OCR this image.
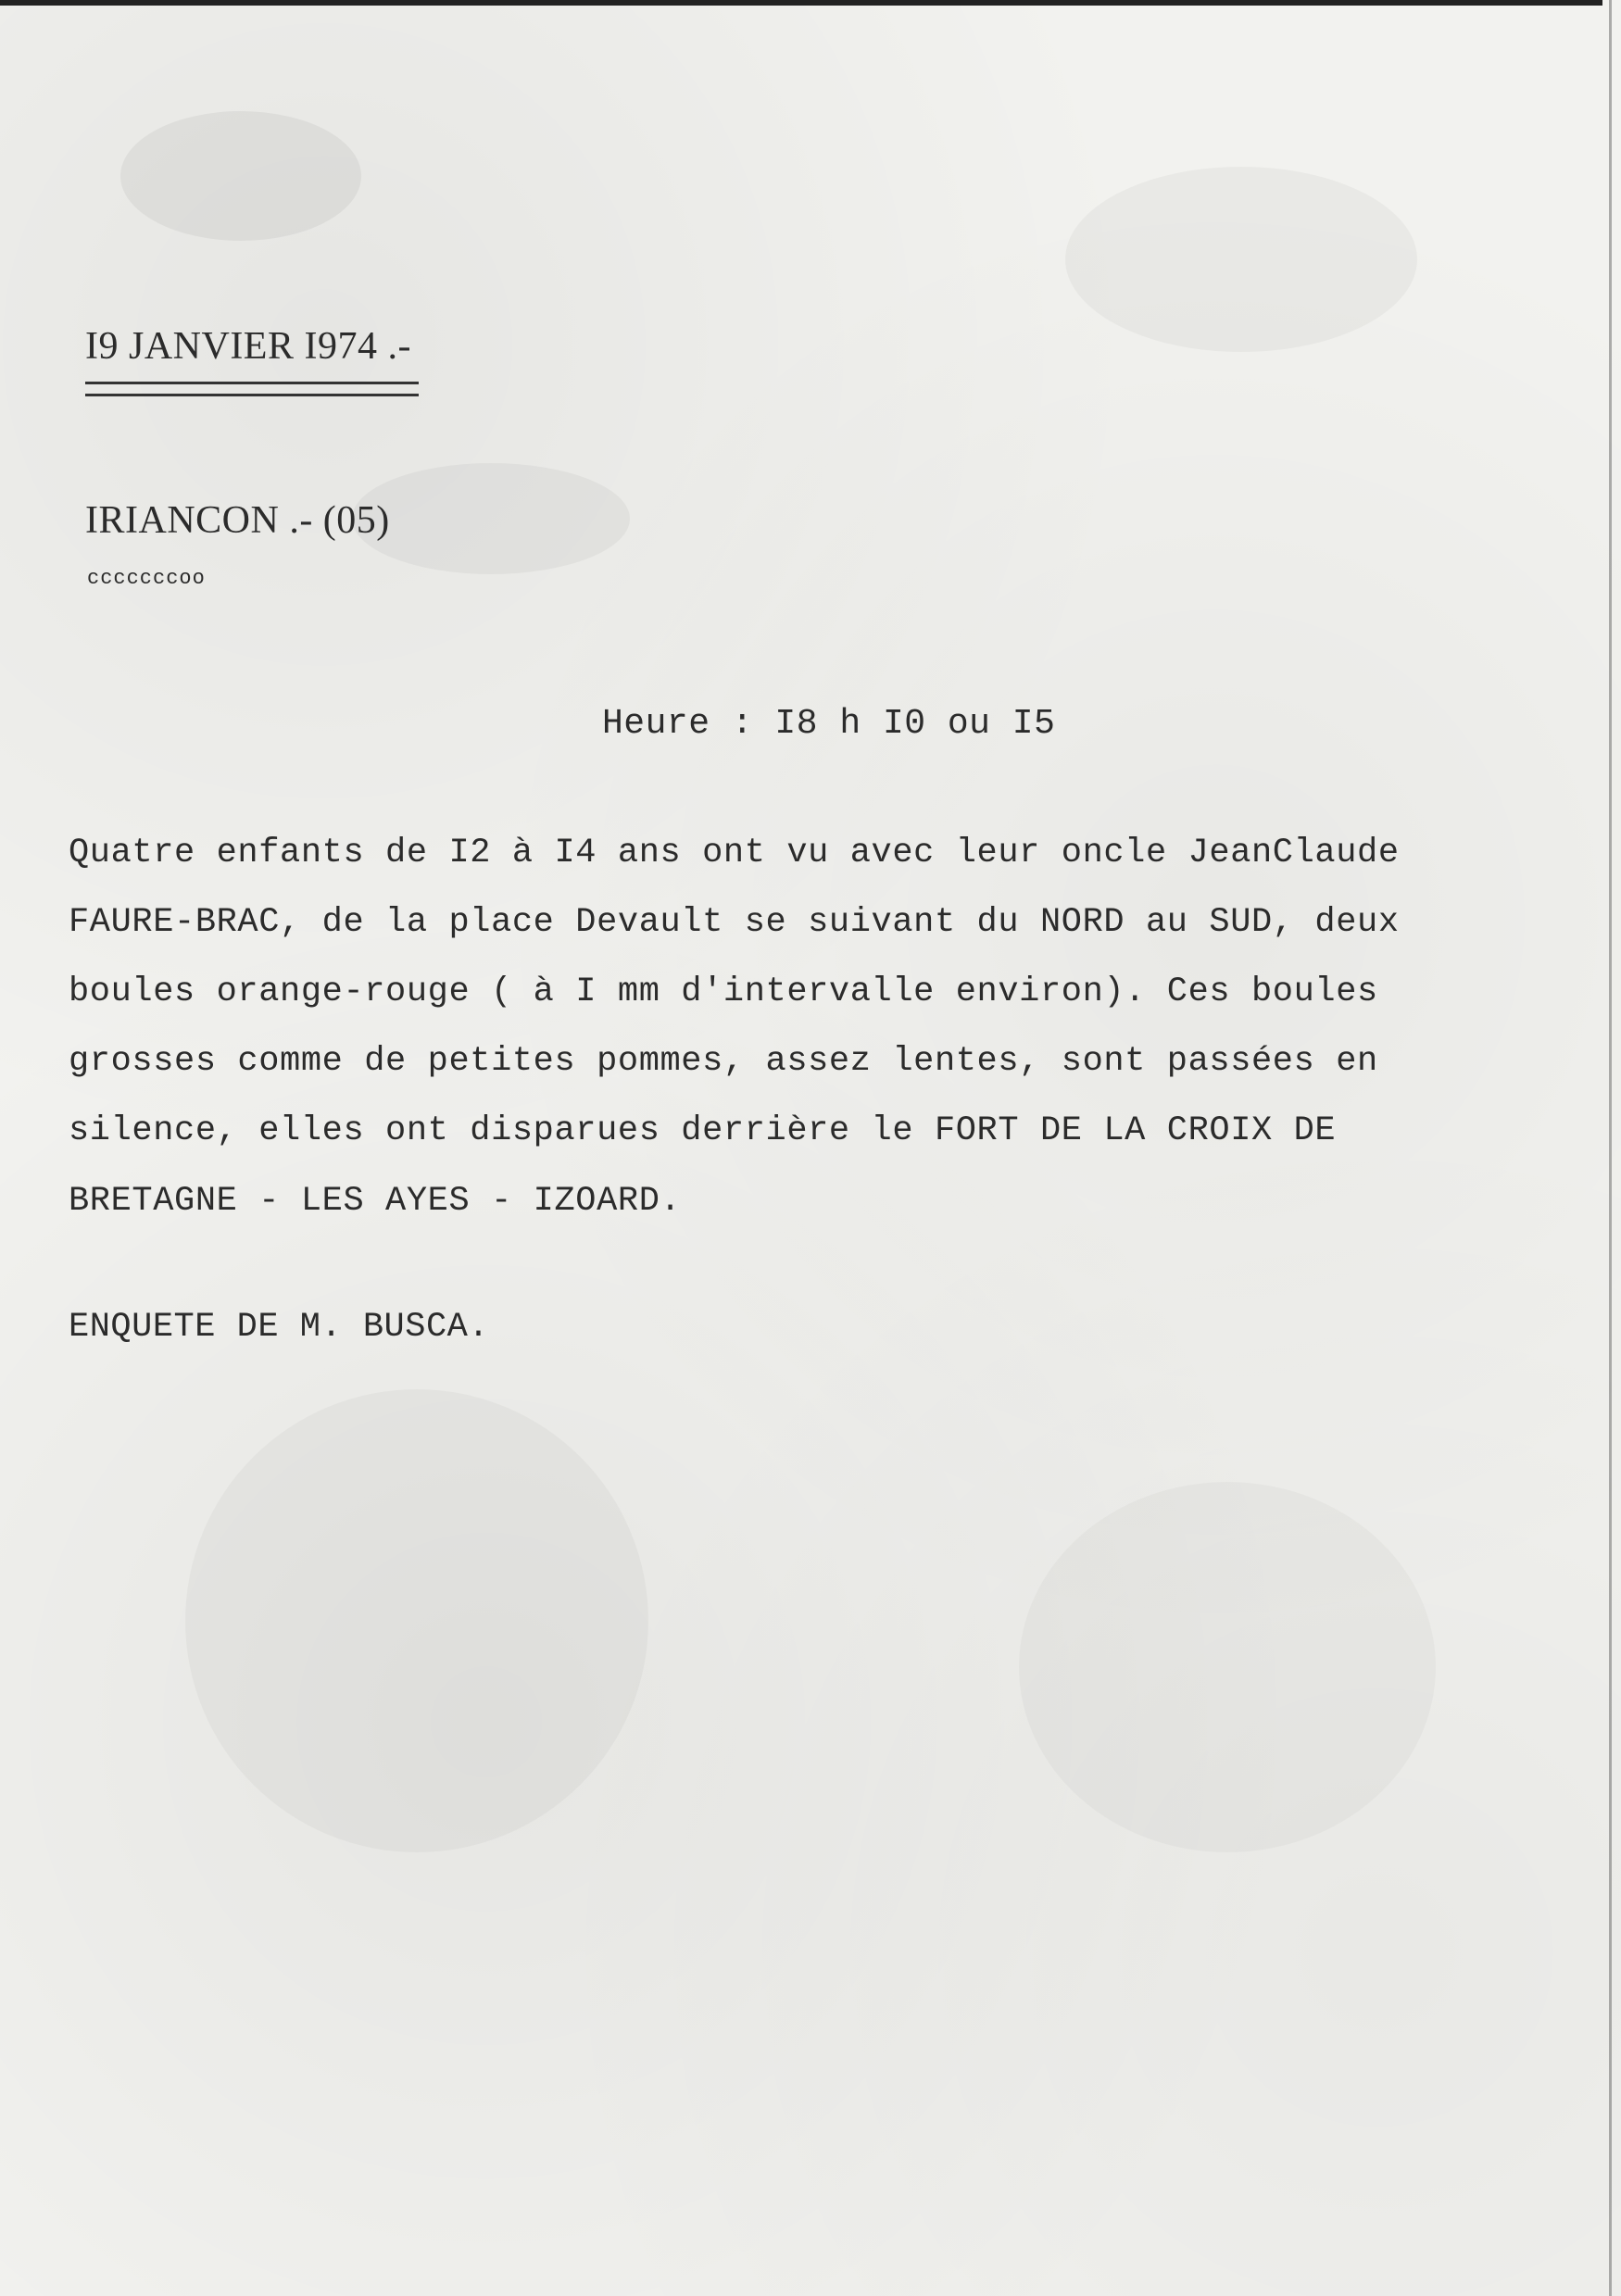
I9 JANVIER I974 .-
IRIANCON .- (05)
cccccccoo
Heure : I8 h I0 ou I5
Quatre enfants de I2 à I4 ans ont vu avec leur oncle JeanClaude
FAURE-BRAC, de la place Devault se suivant du NORD au SUD, deux
boules orange-rouge ( à I mm d'intervalle environ). Ces boules
grosses comme de petites pommes, assez lentes, sont passées en
silence, elles ont disparues derrière le FORT DE LA CROIX DE
BRETAGNE - LES AYES - IZOARD.
ENQUETE DE M. BUSCA.
